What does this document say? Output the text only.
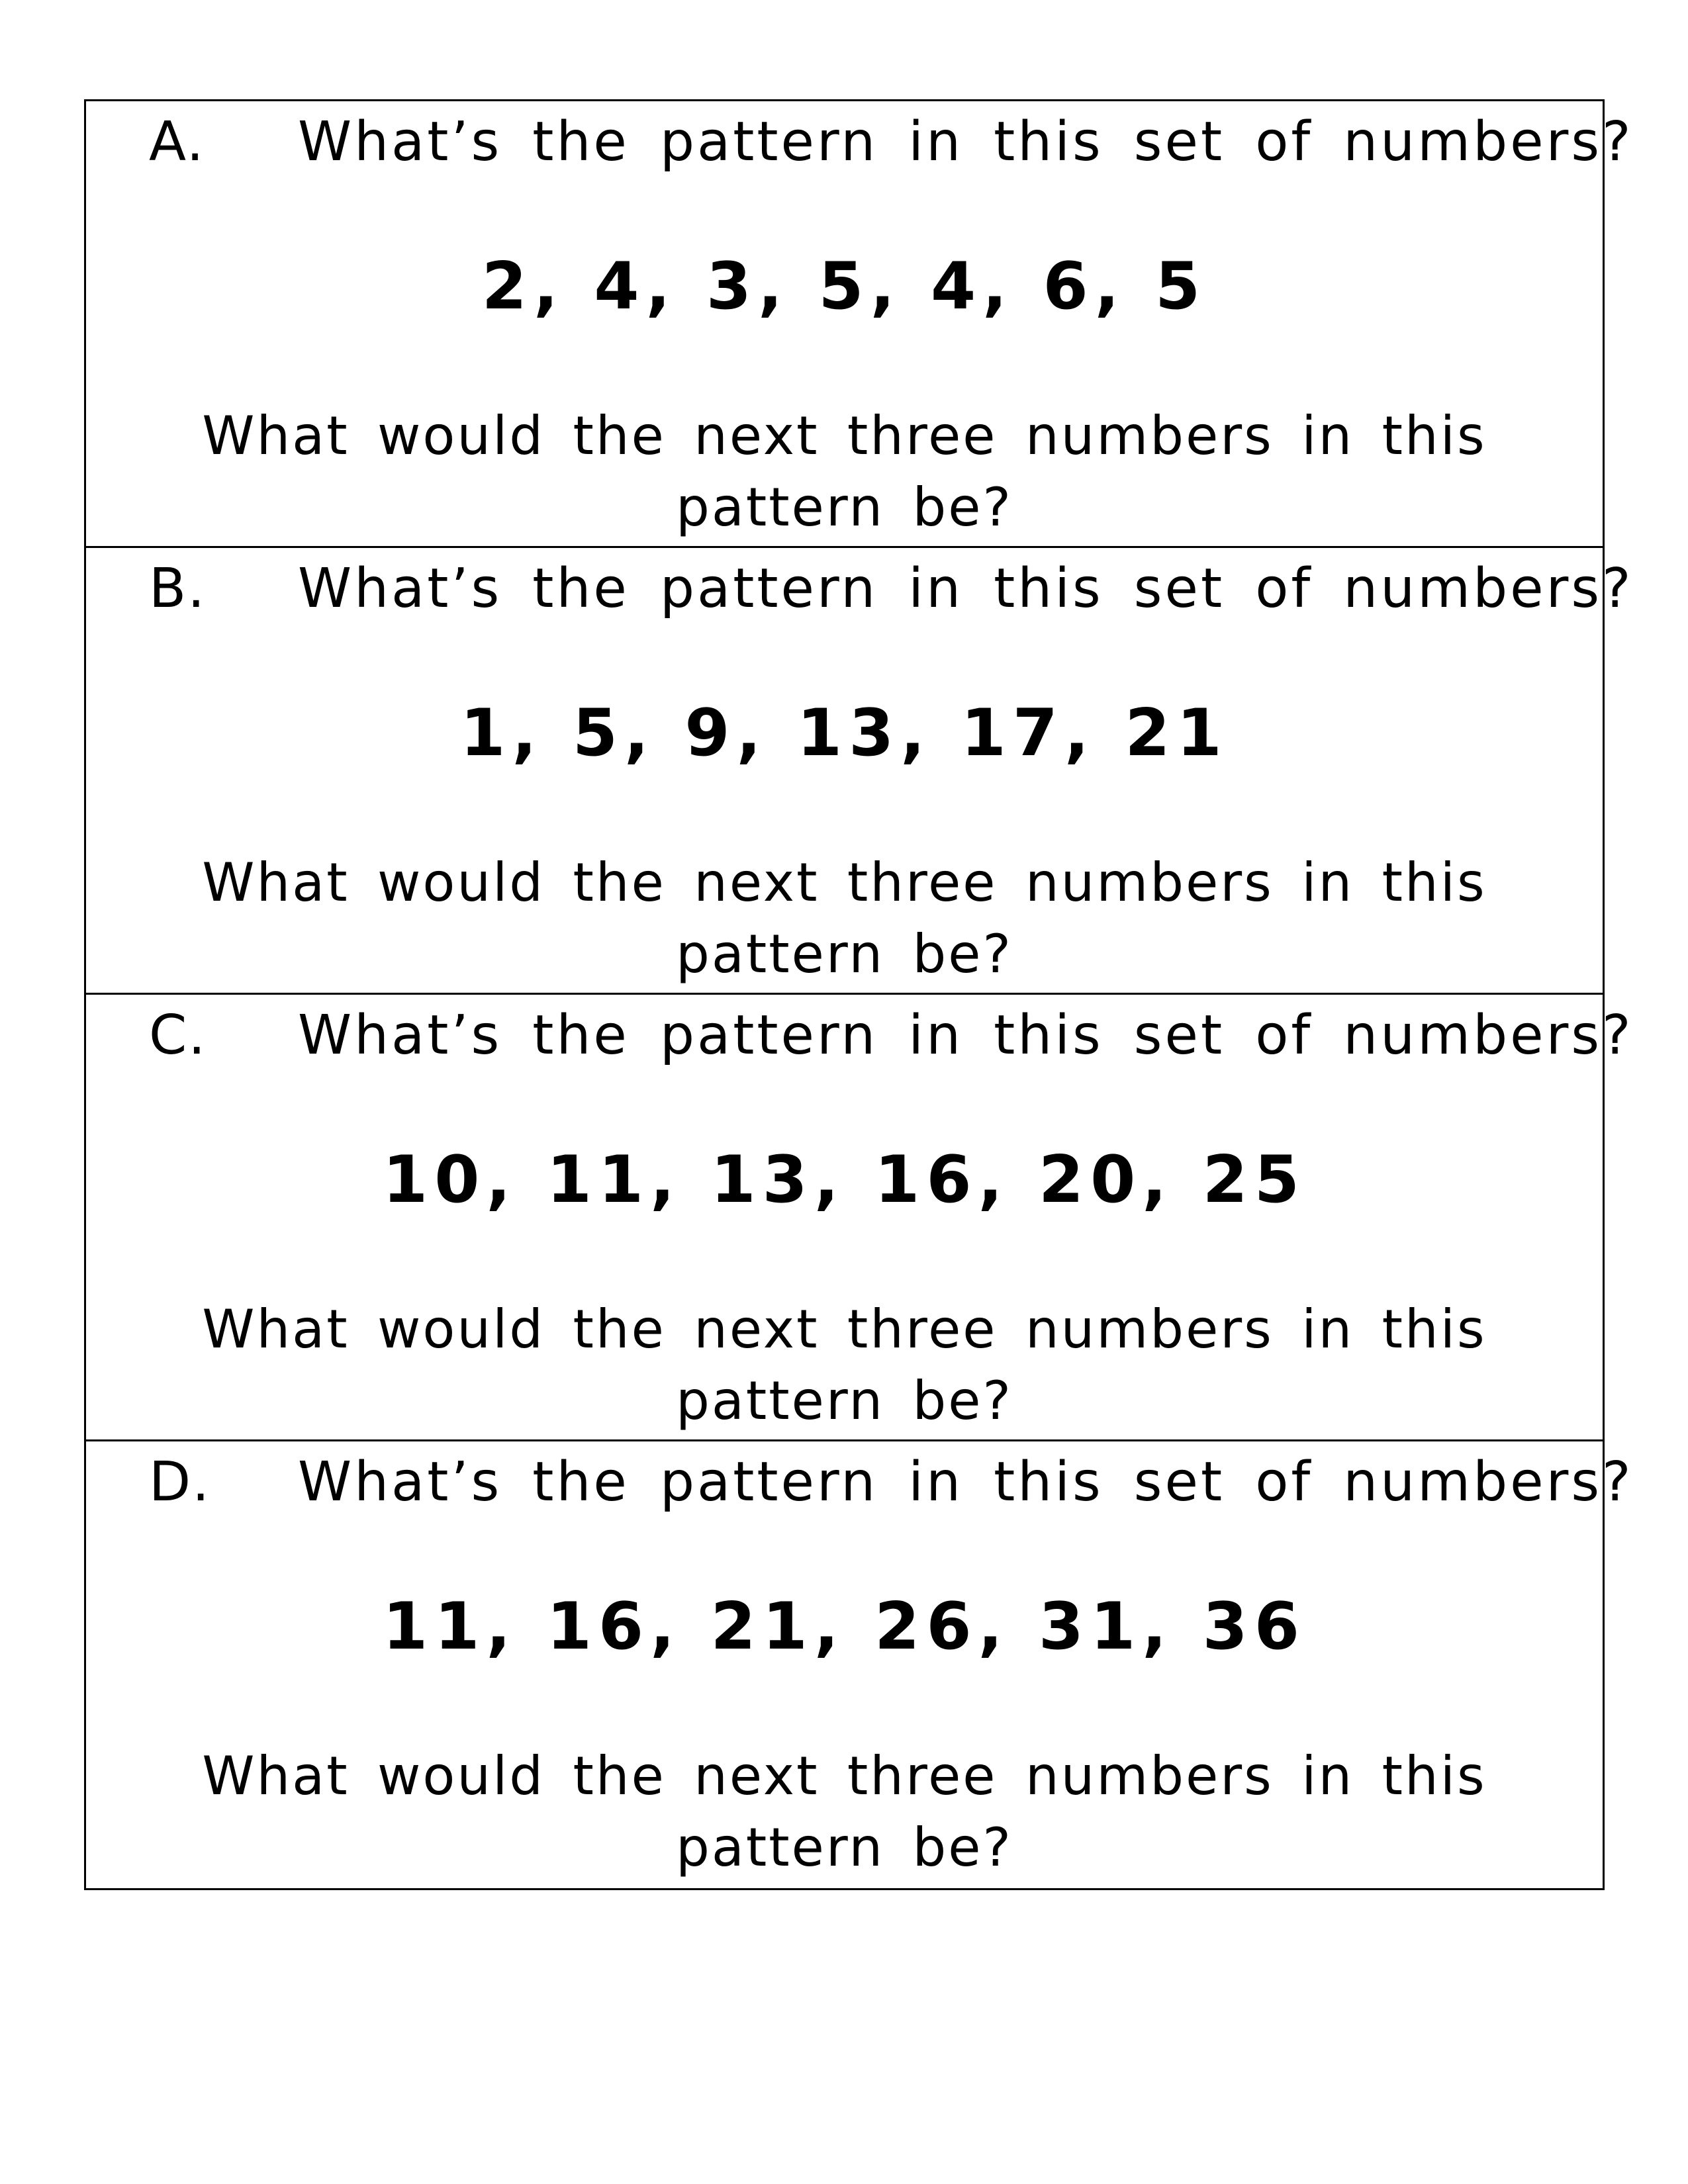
A. What’s the pattern in this set of numbers?
2, 4, 3, 5, 4, 6, 5
What would the next three numbers in this pattern be?
B. What’s the pattern in this set of numbers?
1, 5, 9, 13, 17, 21
What would the next three numbers in this pattern be?
C. What’s the pattern in this set of numbers?
10, 11, 13, 16, 20, 25
What would the next three numbers in this pattern be?
D. What’s the pattern in this set of numbers?
11, 16, 21, 26, 31, 36
What would the next three numbers in this pattern be?
